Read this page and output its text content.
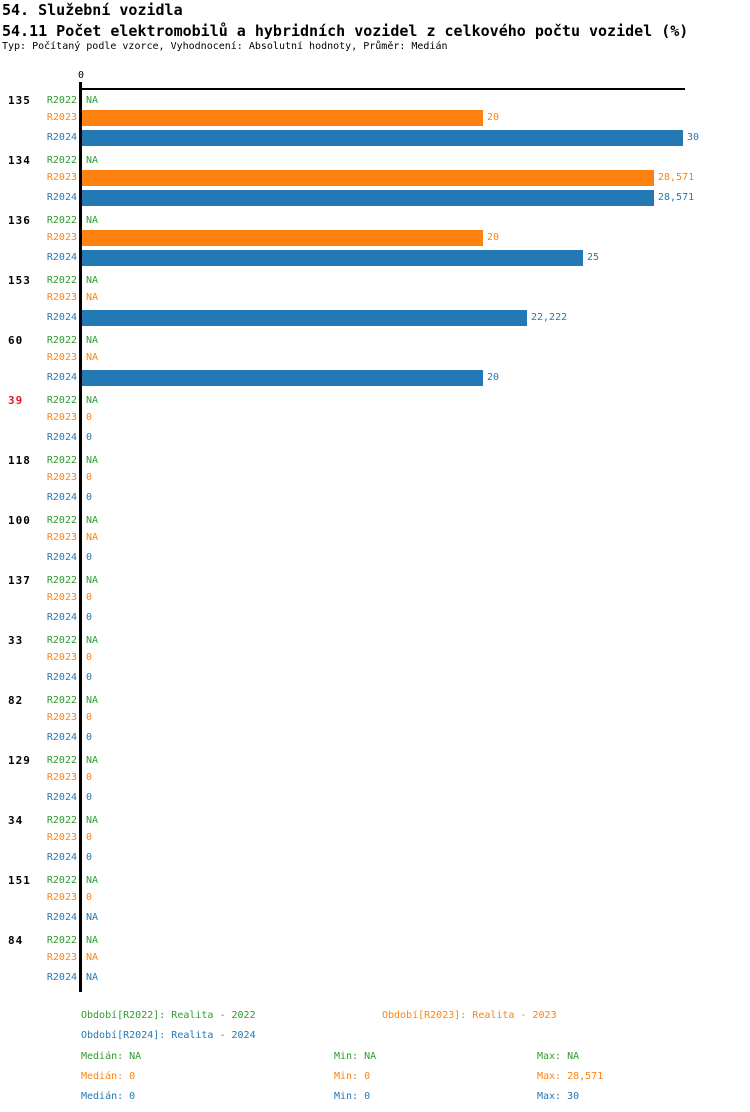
54. Služební vozidla
54.11 Počet elektromobilů a hybridních vozidel z celkového počtu vozidel (%)
Typ: Počítaný podle vzorce, Vyhodnocení: Absolutní hodnoty, Průměr: Medián
0
135	R2022 NA
R2023	20
R2024	30
134	R2022 NA
R2023	28,571
R2024	28,571
136	R2022 NA
R2023	20
R2024	25
153	R2022 NA
R2023 NA
R2024	22,222
60	R2022 NA
R2023 NA
R2024	20
39	R2022 NA
R2023 0
R2024 0
118	R2022 NA
R2023 0
R2024 0
100	R2022 NA
R2023 NA
R2024 0
137	R2022 NA
R2023 0
R2024 0
33	R2022 NA
R2023 0
R2024 0
82	R2022 NA
R2023 0
R2024 0
129	R2022 NA
R2023 0
R2024 0
34	R2022 NA
R2023 0
R2024 0
151	R2022 NA
R2023 0
R2024 NA
84	R2022 NA
R2023 NA
R2024 NA
Období[R2022]: Realita - 2022	Období[R2023]: Realita - 2023
Období[R2024]: Realita - 2024
Medián: NA	Min: NA	Max: NA
Medián: 0	Min: 0	Max: 28,571
Medián: 0	Min: 0	Max: 30
